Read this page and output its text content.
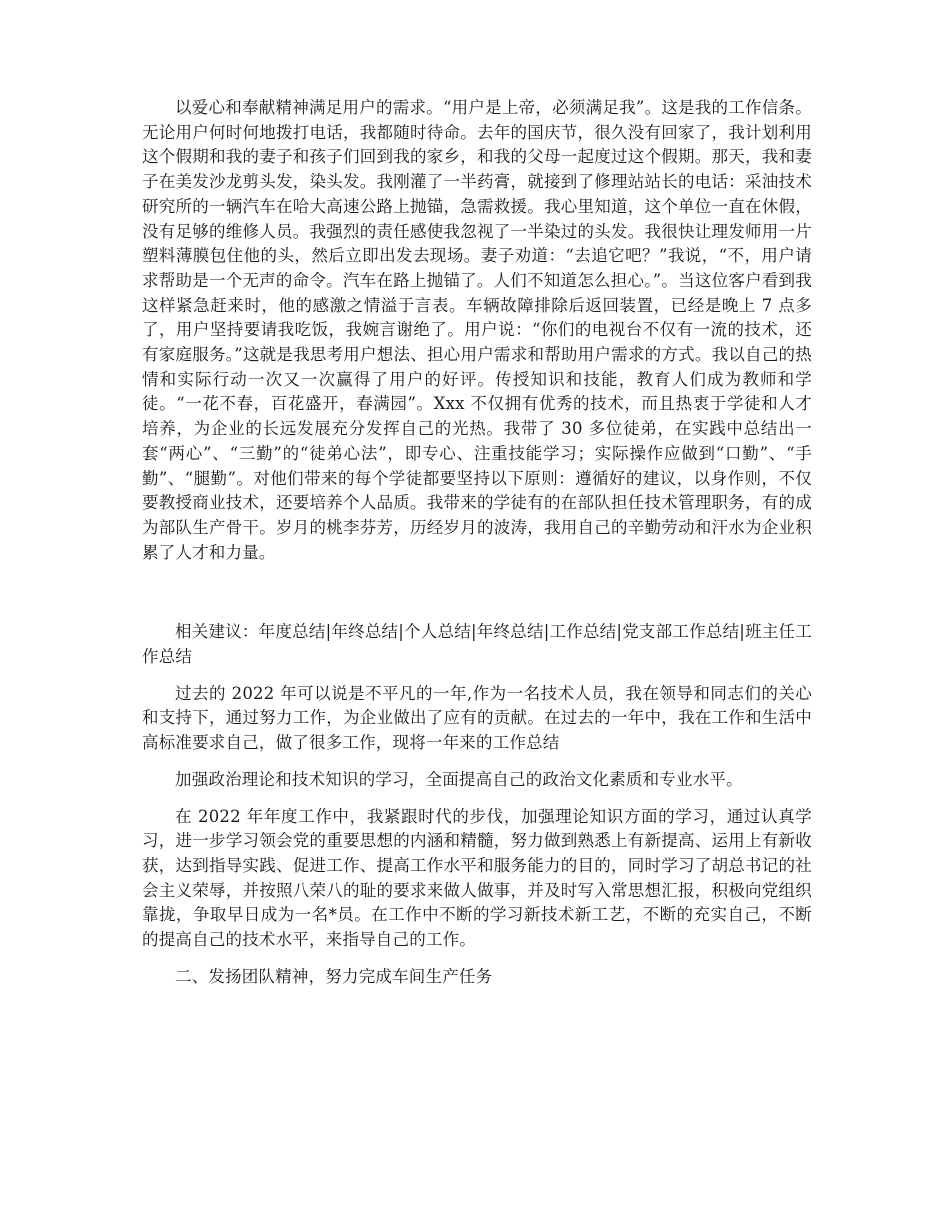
以爱心和奉献精神满足用户的需求。“用户是上帝，必须满足我”。这是我的工作信条。无论用户何时何地拨打电话，我都随时待命。去年的国庆节，很久没有回家了，我计划利用这个假期和我的妻子和孩子们回到我的家乡，和我的父母一起度过这个假期。那天，我和妻子在美发沙龙剪头发，染头发。我刚灌了一半药膏，就接到了修理站站长的电话：采油技术研究所的一辆汽车在哈大高速公路上抛锚，急需救援。我心里知道，这个单位一直在休假，没有足够的维修人员。我强烈的责任感使我忽视了一半染过的头发。我很快让理发师用一片塑料薄膜包住他的头，然后立即出发去现场。妻子劝道：“去追它吧？”我说，“不，用户请求帮助是一个无声的命令。汽车在路上抛锚了。人们不知道怎么担心。”。当这位客户看到我这样紧急赶来时，他的感激之情溢于言表。车辆故障排除后返回装置，已经是晚上 7 点多了，用户坚持要请我吃饭，我婉言谢绝了。用户说：“你们的电视台不仅有一流的技术，还有家庭服务。”这就是我思考用户想法、担心用户需求和帮助用户需求的方式。我以自己的热情和实际行动一次又一次赢得了用户的好评。传授知识和技能，教育人们成为教师和学徒。“一花不春，百花盛开，春满园”。Xxx 不仅拥有优秀的技术，而且热衷于学徒和人才培养，为企业的长远发展充分发挥自己的光热。我带了 30 多位徒弟，在实践中总结出一套“两心”、“三勤”的“徒弟心法”，即专心、注重技能学习；实际操作应做到“口勤”、“手勤”、“腿勤”。对他们带来的每个学徒都要坚持以下原则：遵循好的建议，以身作则，不仅要教授商业技术，还要培养个人品质。我带来的学徒有的在部队担任技术管理职务，有的成为部队生产骨干。岁月的桃李芬芳，历经岁月的波涛，我用自己的辛勤劳动和汗水为企业积累了人才和力量。

相关建议：年度总结|年终总结|个人总结|年终总结|工作总结|党支部工作总结|班主任工作总结

过去的 2022 年可以说是不平凡的一年,作为一名技术人员，我在领导和同志们的关心和支持下，通过努力工作，为企业做出了应有的贡献。在过去的一年中，我在工作和生活中高标准要求自己，做了很多工作，现将一年来的工作总结

加强政治理论和技术知识的学习，全面提高自己的政治文化素质和专业水平。

在 2022 年年度工作中，我紧跟时代的步伐，加强理论知识方面的学习，通过认真学习，进一步学习领会党的重要思想的内涵和精髓，努力做到熟悉上有新提高、运用上有新收获，达到指导实践、促进工作、提高工作水平和服务能力的目的，同时学习了胡总书记的社会主义荣辱，并按照八荣八的耻的要求来做人做事，并及时写入常思想汇报，积极向党组织靠拢，争取早日成为一名*员。在工作中不断的学习新技术新工艺，不断的充实自己，不断的提高自己的技术水平，来指导自己的工作。

二、发扬团队精神，努力完成车间生产任务
